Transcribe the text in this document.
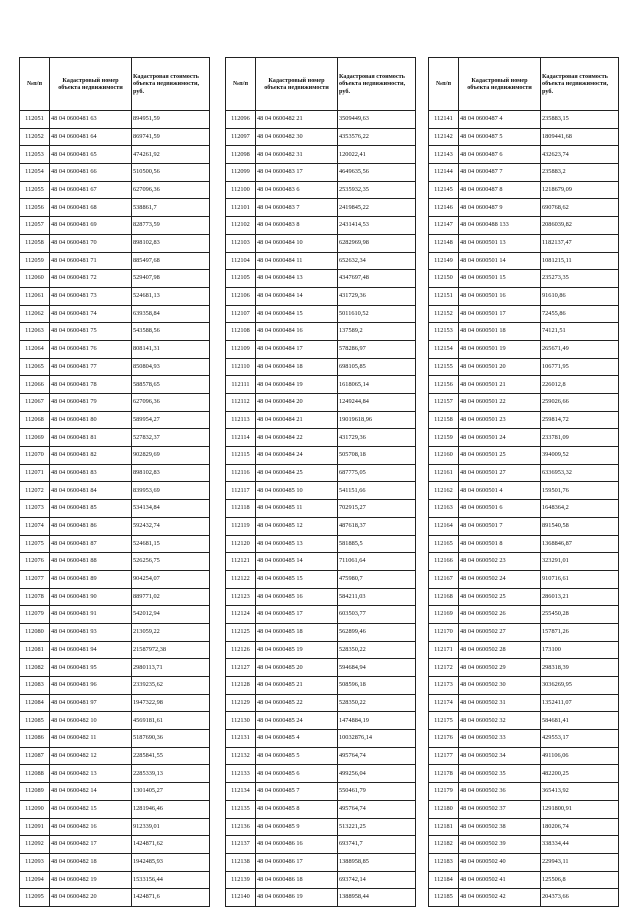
№п/п	Кадастровый номер объекта недвижимости	Кадастровая стоимость объекта недвижимости, руб.
112051	48 04 0600481 63	894951,59
112052	48 04 0600481 64	869741,59
112053	48 04 0600481 65	474261,92
112054	48 04 0600481 66	510500,56
112055	48 04 0600481 67	627096,36
112056	48 04 0600481 68	538861,7
112057	48 04 0600481 69	828773,59
112058	48 04 0600481 70	898102,83
112059	48 04 0600481 71	885497,68
112060	48 04 0600481 72	529407,98
112061	48 04 0600481 73	524681,13
112062	48 04 0600481 74	639358,84
112063	48 04 0600481 75	543588,56
112064	48 04 0600481 76	808141,31
112065	48 04 0600481 77	850804,93
112066	48 04 0600481 78	588578,65
112067	48 04 0600481 79	627096,36
112068	48 04 0600481 80	589954,27
112069	48 04 0600481 81	527832,37
112070	48 04 0600481 82	902829,69
112071	48 04 0600481 83	898102,83
112072	48 04 0600481 84	839953,69
112073	48 04 0600481 85	534134,84
112074	48 04 0600481 86	592432,74
112075	48 04 0600481 87	524681,15
112076	48 04 0600481 88	526256,75
112077	48 04 0600481 89	904254,07
112078	48 04 0600481 90	889771,02
112079	48 04 0600481 91	542012,94
112080	48 04 0600481 93	213059,22
112081	48 04 0600481 94	21587972,38
112082	48 04 0600481 95	2980113,71
112083	48 04 0600481 96	2339235,62
112084	48 04 0600481 97	1947322,98
112085	48 04 0600482 10	4569181,61
112086	48 04 0600482 11	5187690,36
112087	48 04 0600482 12	2285841,55
112088	48 04 0600482 13	2285339,13
112089	48 04 0600482 14	1301405,27
112090	48 04 0600482 15	1281946,46
112091	48 04 0600482 16	912339,01
112092	48 04 0600482 17	1424871,62
112093	48 04 0600482 18	1942485,93
112094	48 04 0600482 19	1533156,44
112095	48 04 0600482 20	1424871,6
№п/п	Кадастровый номер объекта недвижимости	Кадастровая стоимость объекта недвижимости, руб.
112096	48 04 0600482 21	3509449,63
112097	48 04 0600482 30	4353576,22
112098	48 04 0600482 31	120022,41
112099	48 04 0600483 17	4649635,56
112100	48 04 0600483 6	2535932,35
112101	48 04 0600483 7	2419845,22
112102	48 04 0600483 8	2431414,53
112103	48 04 0600484 10	6282969,98
112104	48 04 0600484 11	652632,34
112105	48 04 0600484 13	4347697,48
112106	48 04 0600484 14	431729,36
112107	48 04 0600484 15	5011610,52
112108	48 04 0600484 16	137589,2
112109	48 04 0600484 17	578286,97
112110	48 04 0600484 18	698105,85
112111	48 04 0600484 19	1618065,14
112112	48 04 0600484 20	1249244,84
112113	48 04 0600484 21	19019618,96
112114	48 04 0600484 22	431729,36
112115	48 04 0600484 24	505708,18
112116	48 04 0600484 25	687775,05
112117	48 04 0600485 10	541151,66
112118	48 04 0600485 11	702915,27
112119	48 04 0600485 12	487618,37
112120	48 04 0600485 13	581885,5
112121	48 04 0600485 14	711061,64
112122	48 04 0600485 15	475980,7
112123	48 04 0600485 16	584211,03
112124	48 04 0600485 17	603503,77
112125	48 04 0600485 18	562899,46
112126	48 04 0600485 19	528350,22
112127	48 04 0600485 20	594684,94
112128	48 04 0600485 21	508596,18
112129	48 04 0600485 22	528350,22
112130	48 04 0600485 24	1474884,19
112131	48 04 0600485 4	10032876,14
112132	48 04 0600485 5	495764,74
112133	48 04 0600485 6	499256,04
112134	48 04 0600485 7	550461,79
112135	48 04 0600485 8	495764,74
112136	48 04 0600485 9	513221,25
112137	48 04 0600486 16	693741,7
112138	48 04 0600486 17	1388958,85
112139	48 04 0600486 18	693742,14
112140	48 04 0600486 19	1388958,44
№п/п	Кадастровый номер объекта недвижимости	Кадастровая стоимость объекта недвижимости, руб.
112141	48 04 0600487 4	235883,15
112142	48 04 0600487 5	1809441,68
112143	48 04 0600487 6	432623,74
112144	48 04 0600487 7	235883,2
112145	48 04 0600487 8	1218679,09
112146	48 04 0600487 9	690768,62
112147	48 04 0600488 133	2086039,82
112148	48 04 0600501 13	1182137,47
112149	48 04 0600501 14	1081215,11
112150	48 04 0600501 15	235273,35
112151	48 04 0600501 16	91610,86
112152	48 04 0600501 17	72455,86
112153	48 04 0600501 18	74121,51
112154	48 04 0600501 19	265671,49
112155	48 04 0600501 20	106771,95
112156	48 04 0600501 21	226012,8
112157	48 04 0600501 22	259026,66
112158	48 04 0600501 23	259814,72
112159	48 04 0600501 24	233781,09
112160	48 04 0600501 25	394009,52
112161	48 04 0600501 27	6336953,32
112162	48 04 0600501 4	159501,76
112163	48 04 0600501 6	1648364,2
112164	48 04 0600501 7	891540,58
112165	48 04 0600501 8	1368846,87
112166	48 04 0600502 23	323291,01
112167	48 04 0600502 24	910716,61
112168	48 04 0600502 25	286013,21
112169	48 04 0600502 26	255450,28
112170	48 04 0600502 27	157871,26
112171	48 04 0600502 28	173100
112172	48 04 0600502 29	298318,39
112173	48 04 0600502 30	3036269,95
112174	48 04 0600502 31	1352411,07
112175	48 04 0600502 32	584681,41
112176	48 04 0600502 33	429553,17
112177	48 04 0600502 34	491106,06
112178	48 04 0600502 35	482200,25
112179	48 04 0600502 36	365413,92
112180	48 04 0600502 37	1291800,91
112181	48 04 0600502 38	180206,74
112182	48 04 0600502 39	338334,44
112183	48 04 0600502 40	229943,11
112184	48 04 0600502 41	125506,8
112185	48 04 0600502 42	204373,66
